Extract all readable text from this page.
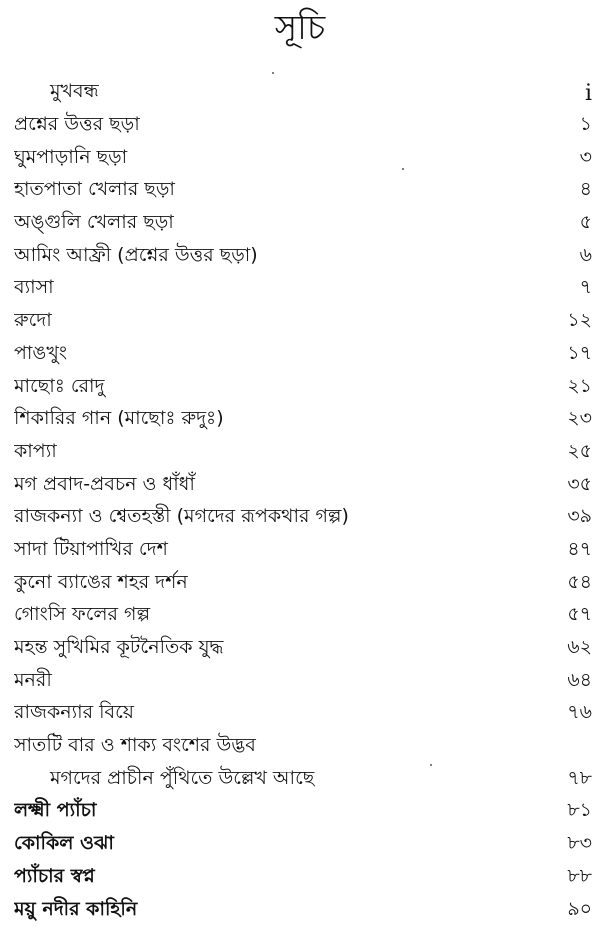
সূচি
মুখবন্ধ	i
প্রশ্নের উত্তর ছড়া	১
ঘুমপাড়ানি ছড়া	৩
হাতপাতা খেলার ছড়া	৪
অঙ্গুলি খেলার ছড়া	৫
আমিং আফ্রী (প্রশ্নের উত্তর ছড়া)	৬
ব্যাসা	৭
রুদো	১২
পাঙখুং	১৭
মাছোঃ রোদু	২১
শিকারির গান (মাছোঃ রুদুঃ)	২৩
কাপ্যা	২৫
মগ প্রবাদ-প্রবচন ও ধাঁধাঁ	৩৫
রাজকন্যা ও শ্বেতহস্তী (মগদের রূপকথার গল্প)	৩৯
সাদা টিয়াপাখির দেশ	৪৭
কুনো ব্যাঙের শহর দর্শন	৫৪
গোংসি ফলের গল্প	৫৭
মহন্ত সুখিমির কূটনৈতিক যুদ্ধ	৬২
মনরী	৬৪
রাজকন্যার বিয়ে	৭৬
সাতটি বার ও শাক্য বংশের উদ্ভব
মগদের প্রাচীন পুঁথিতে উল্লেখ আছে	৭৮
লক্ষ্মী প্যাঁচা	৮১
কোকিল ওঝা	৮৩
প্যাঁচার স্বপ্ন	৮৮
ময়ু নদীর কাহিনি	৯০
